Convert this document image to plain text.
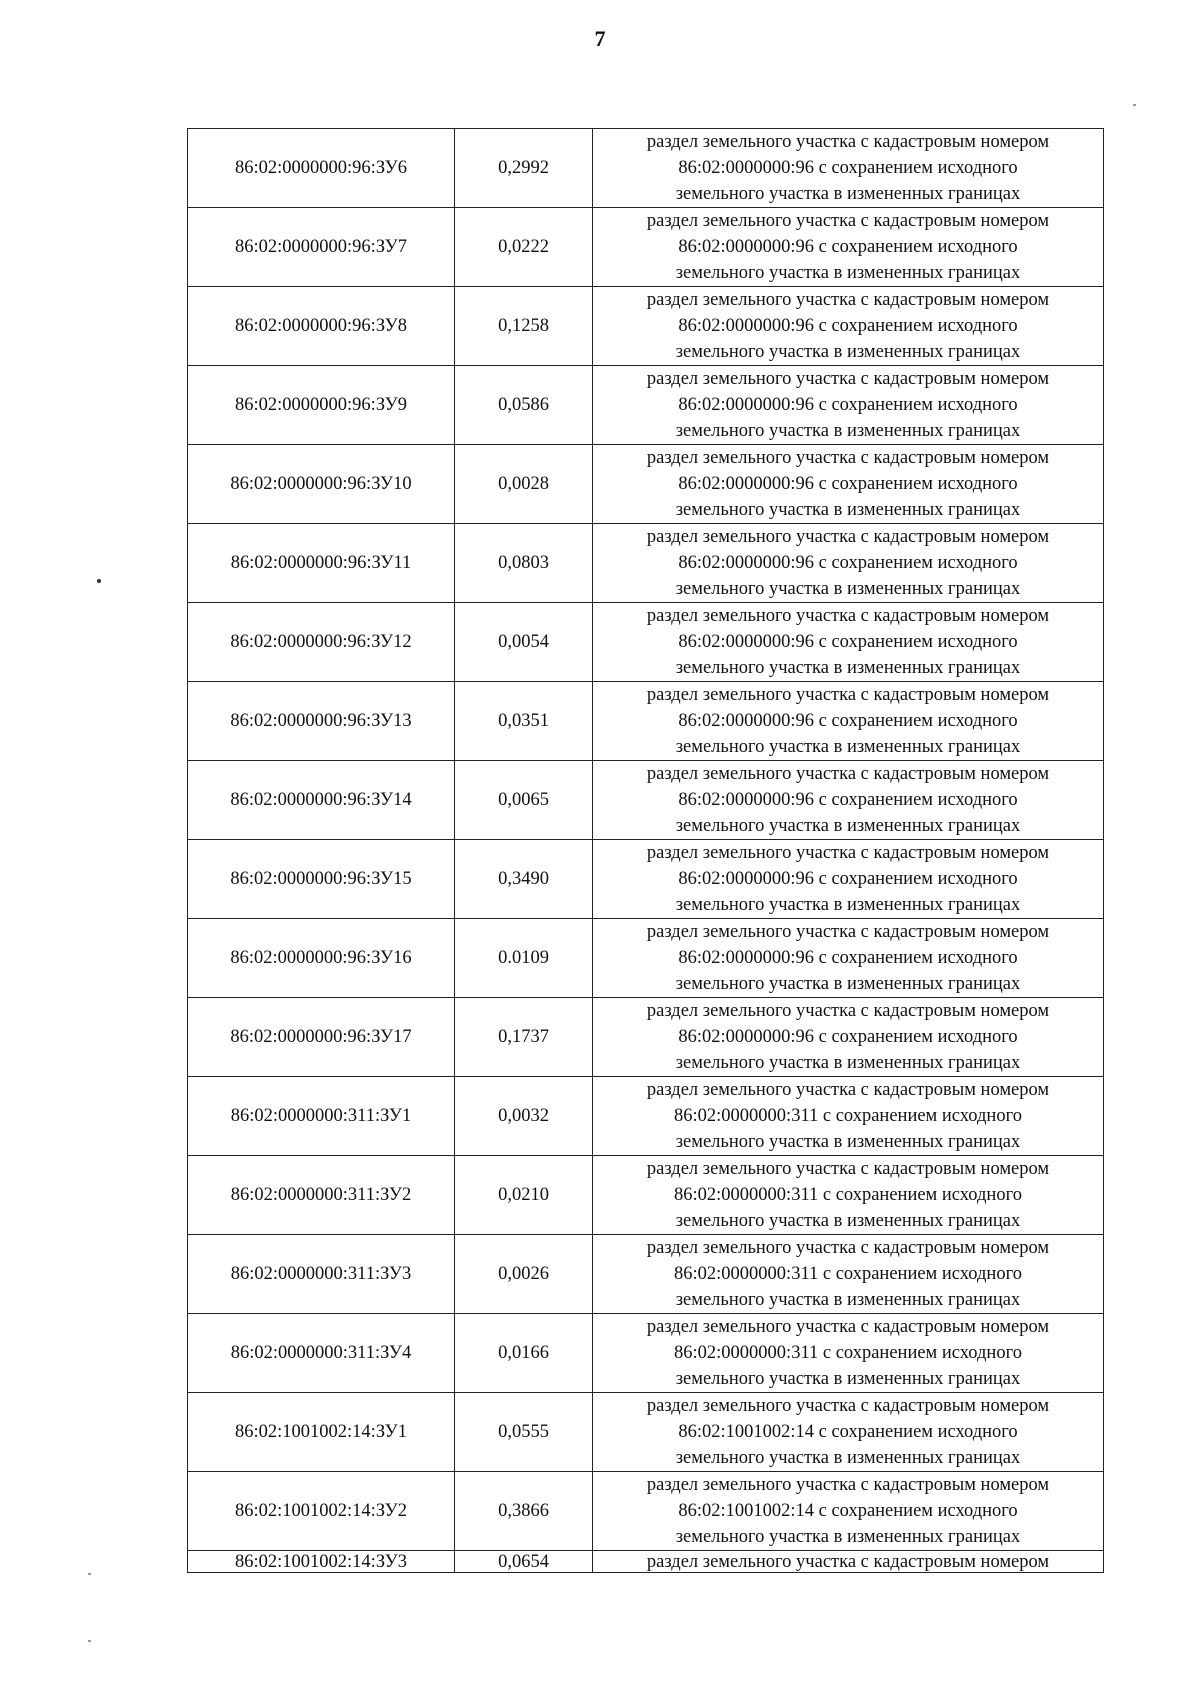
7
86:02:0000000:96:ЗУ6	0,2992	раздел земельного участка с кадастровым номером
86:02:0000000:96 с сохранением исходного
земельного участка в измененных границах

86:02:0000000:96:ЗУ7	0,0222	раздел земельного участка с кадастровым номером
86:02:0000000:96 с сохранением исходного
земельного участка в измененных границах

86:02:0000000:96:ЗУ8	0,1258	раздел земельного участка с кадастровым номером
86:02:0000000:96 с сохранением исходного
земельного участка в измененных границах

86:02:0000000:96:ЗУ9	0,0586	раздел земельного участка с кадастровым номером
86:02:0000000:96 с сохранением исходного
земельного участка в измененных границах

86:02:0000000:96:ЗУ10	0,0028	раздел земельного участка с кадастровым номером
86:02:0000000:96 с сохранением исходного
земельного участка в измененных границах

86:02:0000000:96:ЗУ11	0,0803	раздел земельного участка с кадастровым номером
86:02:0000000:96 с сохранением исходного
земельного участка в измененных границах

86:02:0000000:96:ЗУ12	0,0054	раздел земельного участка с кадастровым номером
86:02:0000000:96 с сохранением исходного
земельного участка в измененных границах

86:02:0000000:96:ЗУ13	0,0351	раздел земельного участка с кадастровым номером
86:02:0000000:96 с сохранением исходного
земельного участка в измененных границах

86:02:0000000:96:ЗУ14	0,0065	раздел земельного участка с кадастровым номером
86:02:0000000:96 с сохранением исходного
земельного участка в измененных границах

86:02:0000000:96:ЗУ15	0,3490	раздел земельного участка с кадастровым номером
86:02:0000000:96 с сохранением исходного
земельного участка в измененных границах

86:02:0000000:96:ЗУ16	0.0109	раздел земельного участка с кадастровым номером
86:02:0000000:96 с сохранением исходного
земельного участка в измененных границах

86:02:0000000:96:ЗУ17	0,1737	раздел земельного участка с кадастровым номером
86:02:0000000:96 с сохранением исходного
земельного участка в измененных границах

86:02:0000000:311:ЗУ1	0,0032	раздел земельного участка с кадастровым номером
86:02:0000000:311 с сохранением исходного
земельного участка в измененных границах

86:02:0000000:311:ЗУ2	0,0210	раздел земельного участка с кадастровым номером
86:02:0000000:311 с сохранением исходного
земельного участка в измененных границах

86:02:0000000:311:ЗУ3	0,0026	раздел земельного участка с кадастровым номером
86:02:0000000:311 с сохранением исходного
земельного участка в измененных границах

86:02:0000000:311:ЗУ4	0,0166	раздел земельного участка с кадастровым номером
86:02:0000000:311 с сохранением исходного
земельного участка в измененных границах

86:02:1001002:14:ЗУ1	0,0555	раздел земельного участка с кадастровым номером
86:02:1001002:14 с сохранением исходного
земельного участка в измененных границах

86:02:1001002:14:ЗУ2	0,3866	раздел земельного участка с кадастровым номером
86:02:1001002:14 с сохранением исходного
земельного участка в измененных границах

86:02:1001002:14:ЗУ3	0,0654	раздел земельного участка с кадастровым номером
